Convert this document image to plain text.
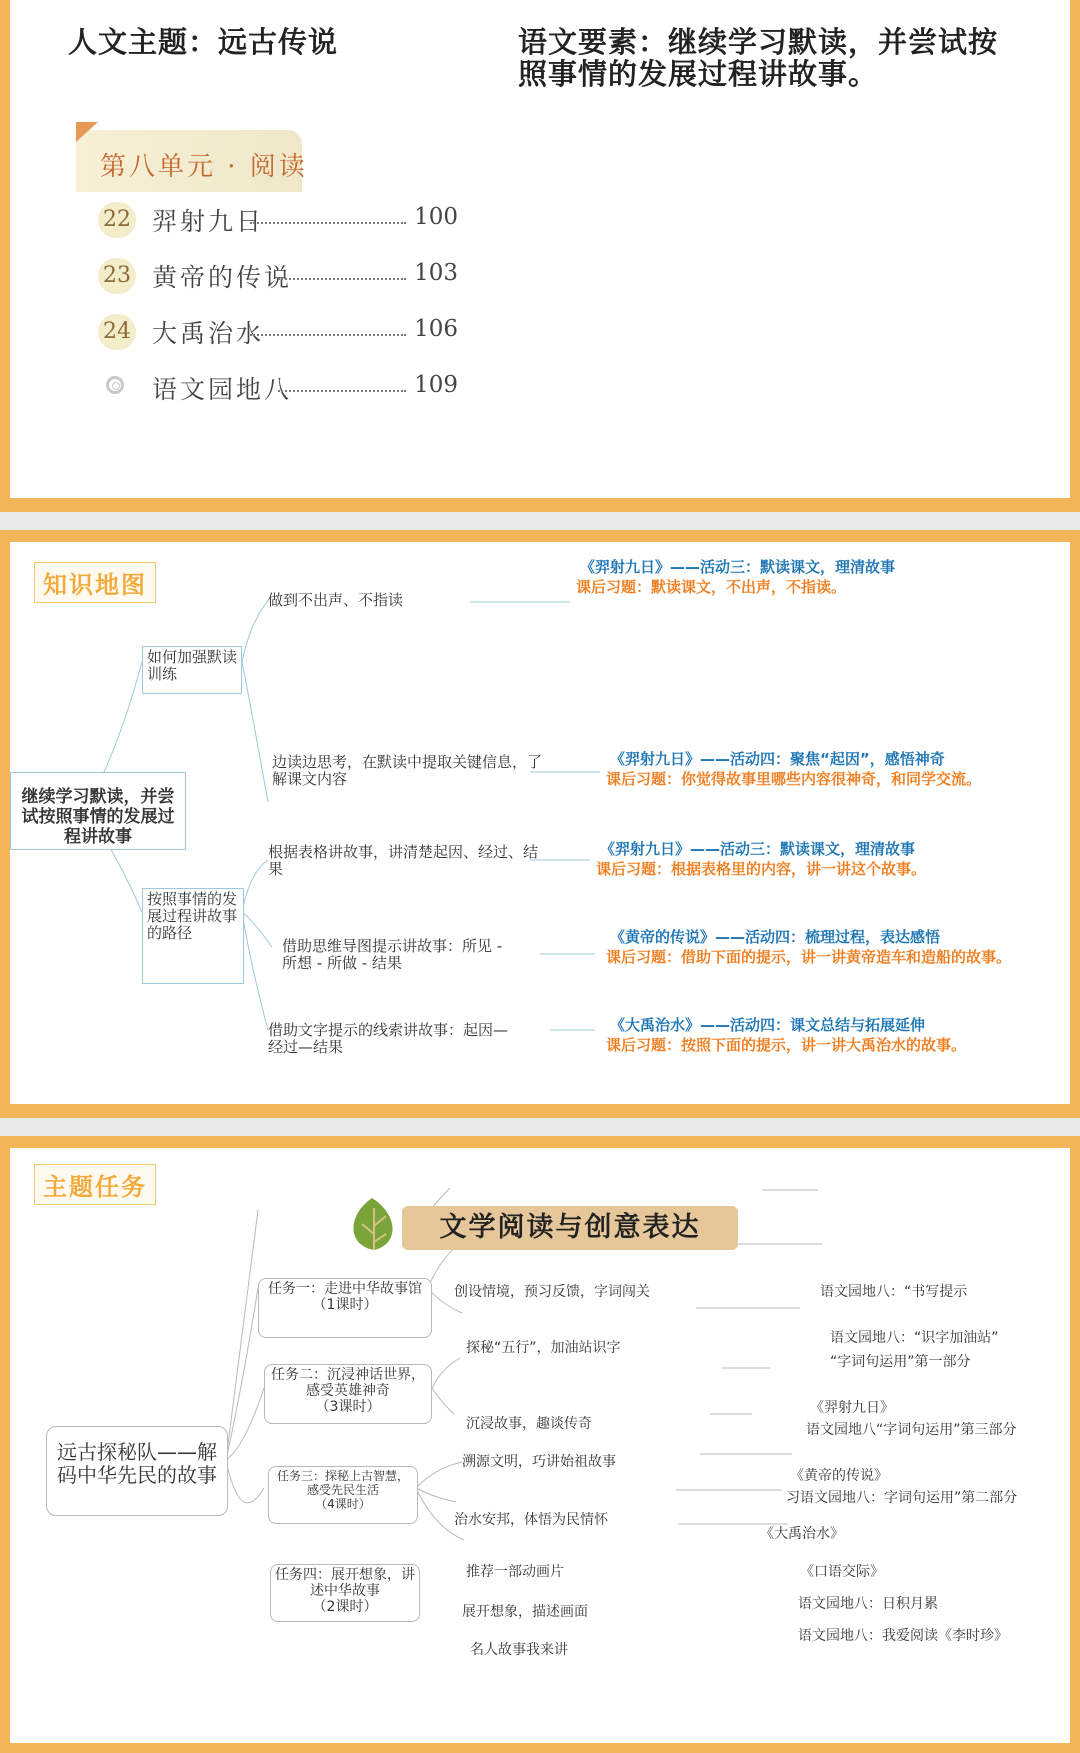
人文主题：远古传说	语文要素：继续学习默读，并尝试按
照事情的发展过程讲故事。
第八单元 · 阅读
22 羿射九日	100
23 黄帝的传说	103
24 大禹治水	106
语文园地八	109
知识地图
继续学习默读，并尝试按照事情的发展过程讲故事
如何加强默读训练
按照事情的发展过程讲故事的路径
做到不出声、不指读
边读边思考，在默读中提取关键信息，了解课文内容
根据表格讲故事，讲清楚起因、经过、结果
借助思维导图提示讲故事：所见 - 所想 - 所做 - 结果
借助文字提示的线索讲故事：起因—经过—结果
《羿射九日》——活动三：默读课文，理清故事
课后习题：默读课文，不出声，不指读。
《羿射九日》——活动四：聚焦“起因”，感悟神奇
课后习题：你觉得故事里哪些内容很神奇，和同学交流。
《羿射九日》——活动三：默读课文，理清故事
课后习题：根据表格里的内容，讲一讲这个故事。
《黄帝的传说》——活动四：梳理过程，表达感悟
课后习题：借助下面的提示，讲一讲黄帝造车和造船的故事。
《大禹治水》——活动四：课文总结与拓展延伸
课后习题：按照下面的提示，讲一讲大禹治水的故事。
主题任务
文学阅读与创意表达
远古探秘队——解码中华先民的故事
任务一：走进中华故事馆
（1课时）
任务二：沉浸神话世界，感受英雄神奇
（3课时）
任务三：探秘上古智慧，感受先民生活
（4课时）
任务四：展开想象，讲述中华故事
（2课时）
创设情境，预习反馈，字词闯关
探秘“五行”，加油站识字
沉浸故事，趣谈传奇
溯源文明，巧讲始祖故事
治水安邦，体悟为民情怀
推荐一部动画片
展开想象，描述画面
名人故事我来讲
语文园地八：“书写提示
语文园地八：“识字加油站”
“字词句运用”第一部分
《羿射九日》
语文园地八“字词句运用”第三部分
《黄帝的传说》
习语文园地八：字词句运用”第二部分
《大禹治水》
《口语交际》
语文园地八：日积月累
语文园地八：我爱阅读《李时珍》
